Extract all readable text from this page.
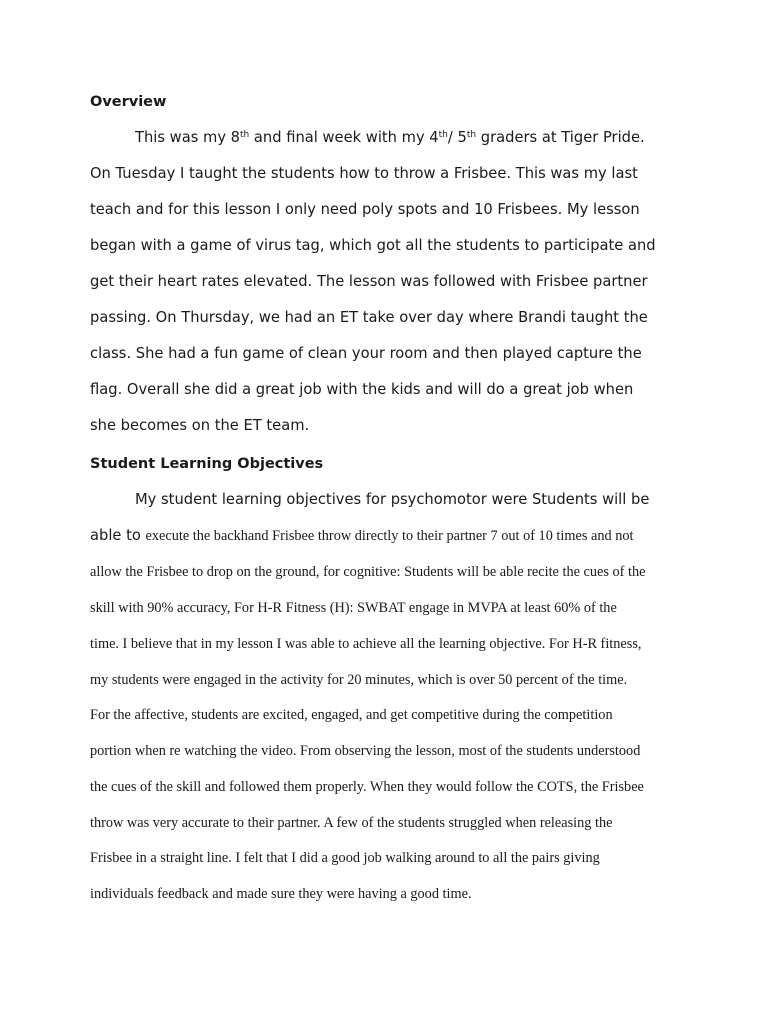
Overview

This was my 8th and final week with my 4th/ 5th graders at Tiger Pride.

On Tuesday I taught the students how to throw a Frisbee. This was my last

teach and for this lesson I only need poly spots and 10 Frisbees. My lesson

began with a game of virus tag, which got all the students to participate and

get their heart rates elevated. The lesson was followed with Frisbee partner

passing. On Thursday, we had an ET take over day where Brandi taught the

class. She had a fun game of clean your room and then played capture the

flag. Overall she did a great job with the kids and will do a great job when

she becomes on the ET team.

Student Learning Objectives

My student learning objectives for psychomotor were Students will be

able to execute the backhand Frisbee throw directly to their partner 7 out of 10 times and not

allow the Frisbee to drop on the ground, for cognitive: Students will be able recite the cues of the

skill with 90% accuracy, For H-R Fitness (H): SWBAT engage in MVPA at least 60% of the

time. I believe that in my lesson I was able to achieve all the learning objective. For H-R fitness,

my students were engaged in the activity for 20 minutes, which is over 50 percent of the time.

For the affective, students are excited, engaged, and get competitive during the competition

portion when re watching the video. From observing the lesson, most of the students understood

the cues of the skill and followed them properly. When they would follow the COTS, the Frisbee

throw was very accurate to their partner. A few of the students struggled when releasing the

Frisbee in a straight line. I felt that I did a good job walking around to all the pairs giving

individuals feedback and made sure they were having a good time.
